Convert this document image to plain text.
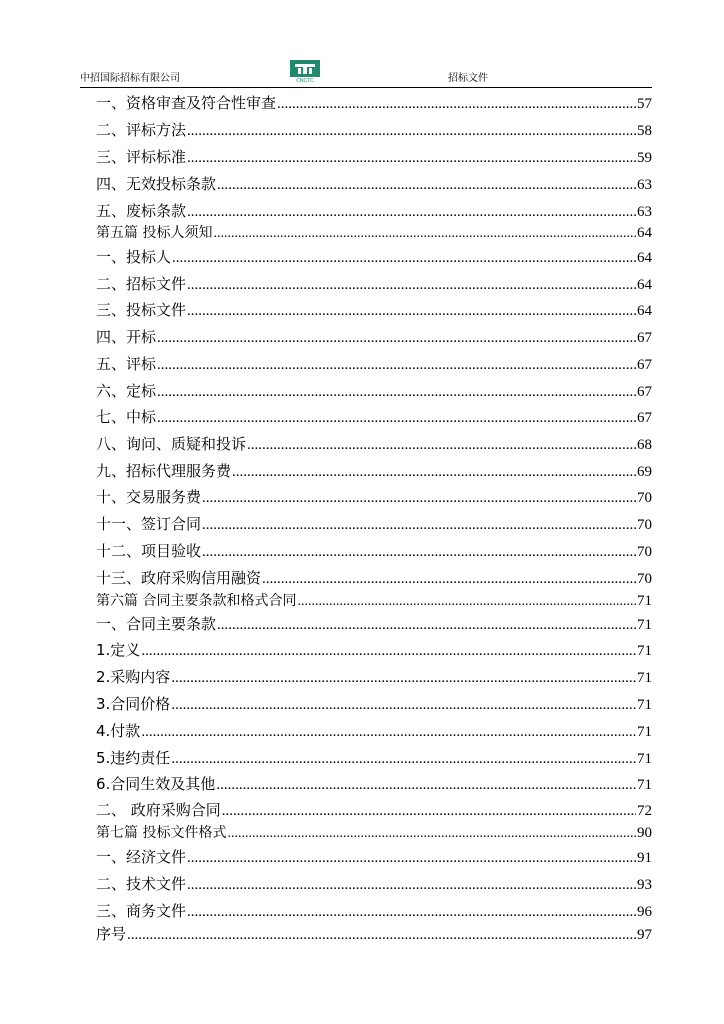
中招国际招标有限公司	CNCTC	招标文件
一、资格审查及符合性审查 .....	57
二、评标方法 .....	58
三、评标标准 .....	59
四、无效投标条款 .....	63
五、废标条款 .....	63
第五篇 投标人须知 .....	64
一、投标人 .....	64
二、招标文件 .....	64
三、投标文件 .....	64
四、开标 .....	67
五、评标 .....	67
六、定标 .....	67
七、中标 .....	67
八、询问、质疑和投诉 .....	68
九、招标代理服务费 .....	69
十、交易服务费 .....	70
十一、签订合同 .....	70
十二、项目验收 .....	70
十三、政府采购信用融资 .....	70
第六篇 合同主要条款和格式合同 .....	71
一、合同主要条款 .....	71
1.定义 .....	71
2.采购内容 .....	71
3.合同价格 .....	71
4.付款 .....	71
5.违约责任 .....	71
6.合同生效及其他 .....	71
二、 政府采购合同 .....	72
第七篇 投标文件格式 .....	90
一、经济文件 .....	91
二、技术文件 .....	93
三、商务文件 .....	96
序号 .....	97
